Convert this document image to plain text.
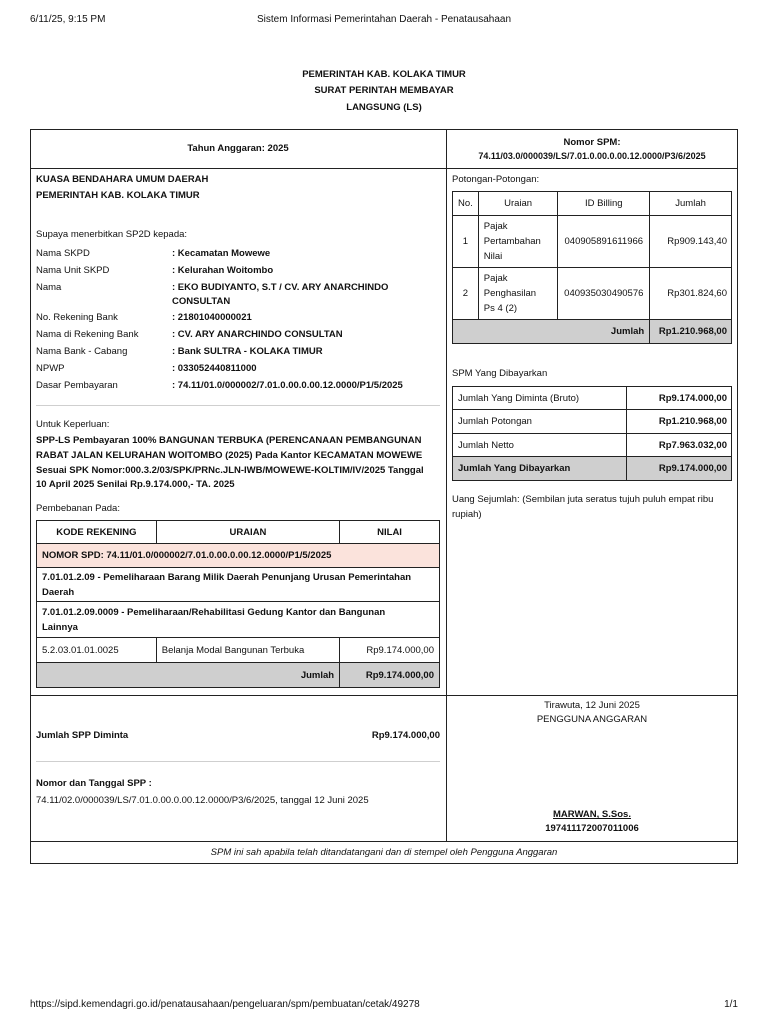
6/11/25, 9:15 PM	Sistem Informasi Pemerintahan Daerah - Penatausahaan
PEMERINTAH KAB. KOLAKA TIMUR
SURAT PERINTAH MEMBAYAR
LANGSUNG (LS)
Tahun Anggaran: 2025
Nomor SPM:
74.11/03.0/000039/LS/7.01.0.00.0.00.12.0000/P3/6/2025
KUASA BENDAHARA UMUM DAERAH
PEMERINTAH KAB. KOLAKA TIMUR
Supaya menerbitkan SP2D kepada:
Nama SKPD	: Kecamatan Mowewe
Nama Unit SKPD	: Kelurahan Woitombo
Nama	: EKO BUDIYANTO, S.T / CV. ARY ANARCHINDO
CONSULTAN
No. Rekening Bank	: 21801040000021
Nama di Rekening Bank	: CV. ARY ANARCHINDO CONSULTAN
Nama Bank - Cabang	: Bank SULTRA - KOLAKA TIMUR
NPWP	: 033052440811000
Dasar Pembayaran	: 74.11/01.0/000002/7.01.0.00.0.00.12.0000/P1/5/2025
Untuk Keperluan:
SPP-LS Pembayaran 100% BANGUNAN TERBUKA (PERENCANAAN PEMBANGUNAN
RABAT JALAN KELURAHAN WOITOMBO (2025) Pada Kantor KECAMATAN MOWEWE
Sesuai SPK Nomor:000.3.2/03/SPK/PRNc.JLN-IWB/MOWEWE-KOLTIM/IV/2025 Tanggal
10 April 2025 Senilai Rp.9.174.000,- TA. 2025
Pembebanan Pada:
KODE REKENING	URAIAN	NILAI
NOMOR SPD: 74.11/01.0/000002/7.01.0.00.0.00.12.0000/P1/5/2025		

7.01.01.2.09 - Pemeliharaan Barang Milik Daerah Penunjang Urusan Pemerintahan
Daerah		

7.01.01.2.09.0009 - Pemeliharaan/Rehabilitasi Gedung Kantor dan Bangunan
Lainnya		

5.2.03.01.01.0025	Belanja Modal Bangunan Terbuka	Rp9.174.000,00
Jumlah		Rp9.174.000,00
Potongan-Potongan:
No.	Uraian	ID Billing	Jumlah
1	Pajak
Pertambahan
Nilai	040905891611966	Rp909.143,40
2	Pajak
Penghasilan
Ps 4 (2)	040935030490576	Rp301.824,60
Jumlah			Rp1.210.968,00
SPM Yang Dibayarkan
Jumlah Yang Diminta (Bruto)	Rp9.174.000,00
Jumlah Potongan	Rp1.210.968,00
Jumlah Netto	Rp7.963.032,00
Jumlah Yang Dibayarkan	Rp9.174.000,00
Uang Sejumlah: (Sembilan juta seratus tujuh puluh empat ribu
rupiah)
Jumlah SPP Diminta	Rp9.174.000,00
Nomor dan Tanggal SPP :
74.11/02.0/000039/LS/7.01.0.00.0.00.12.0000/P3/6/2025, tanggal 12 Juni 2025
Tirawuta, 12 Juni 2025
PENGGUNA ANGGARAN
MARWAN, S.Sos.
197411172007011006
SPM ini sah apabila telah ditandatangani dan di stempel oleh Pengguna Anggaran
https://sipd.kemendagri.go.id/penatausahaan/pengeluaran/spm/pembuatan/cetak/49278	1/1
